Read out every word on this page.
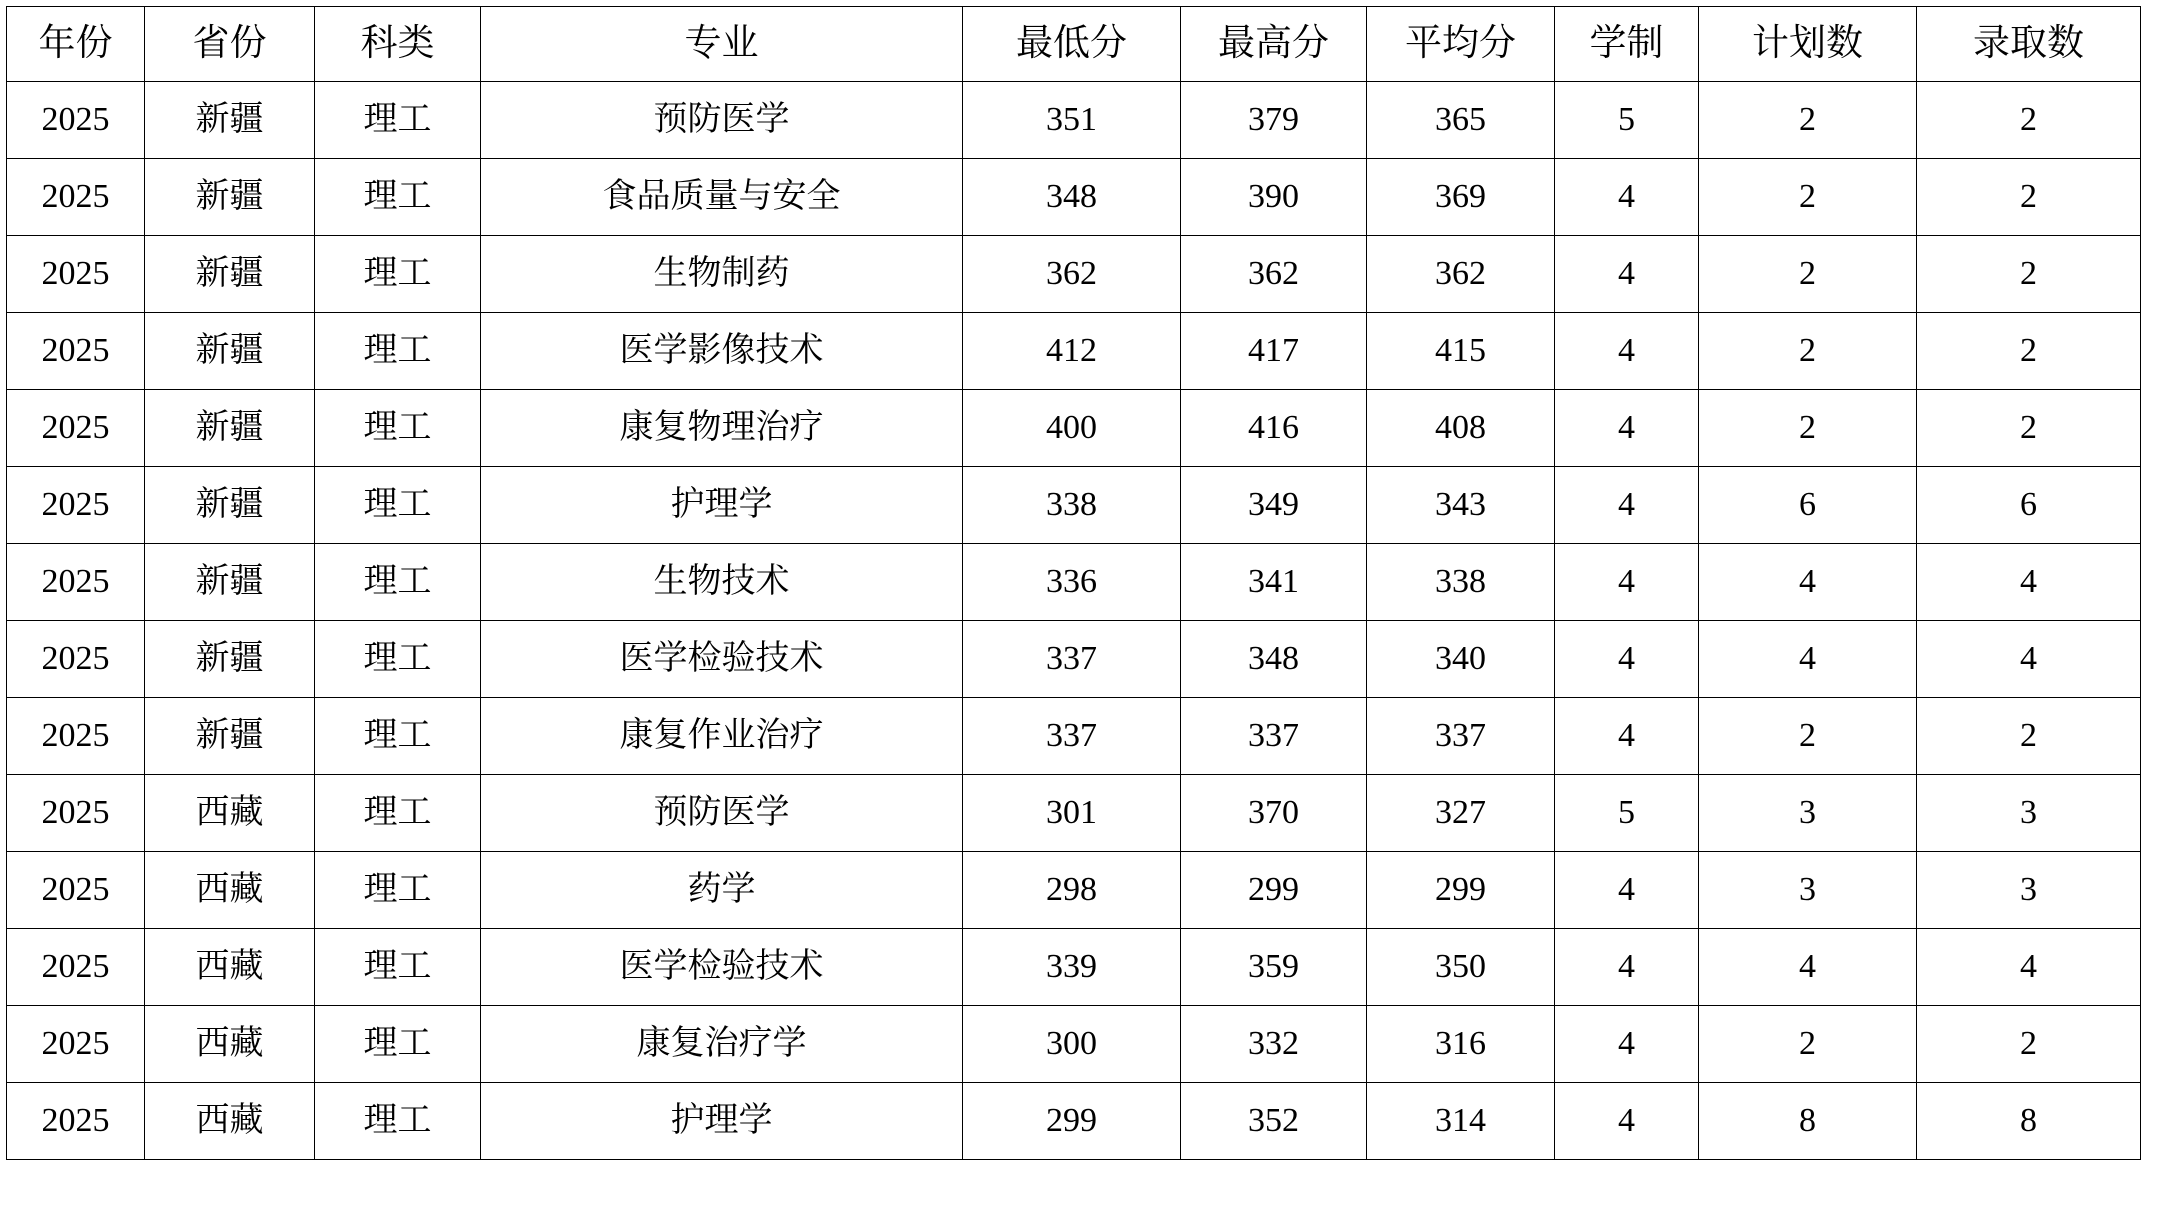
年份	省份	科类	专业	最低分	最高分	平均分	学制	计划数	录取数
2025	新疆	理工	预防医学	351	379	365	5	2	2
2025	新疆	理工	食品质量与安全	348	390	369	4	2	2
2025	新疆	理工	生物制药	362	362	362	4	2	2
2025	新疆	理工	医学影像技术	412	417	415	4	2	2
2025	新疆	理工	康复物理治疗	400	416	408	4	2	2
2025	新疆	理工	护理学	338	349	343	4	6	6
2025	新疆	理工	生物技术	336	341	338	4	4	4
2025	新疆	理工	医学检验技术	337	348	340	4	4	4
2025	新疆	理工	康复作业治疗	337	337	337	4	2	2
2025	西藏	理工	预防医学	301	370	327	5	3	3
2025	西藏	理工	药学	298	299	299	4	3	3
2025	西藏	理工	医学检验技术	339	359	350	4	4	4
2025	西藏	理工	康复治疗学	300	332	316	4	2	2
2025	西藏	理工	护理学	299	352	314	4	8	8
